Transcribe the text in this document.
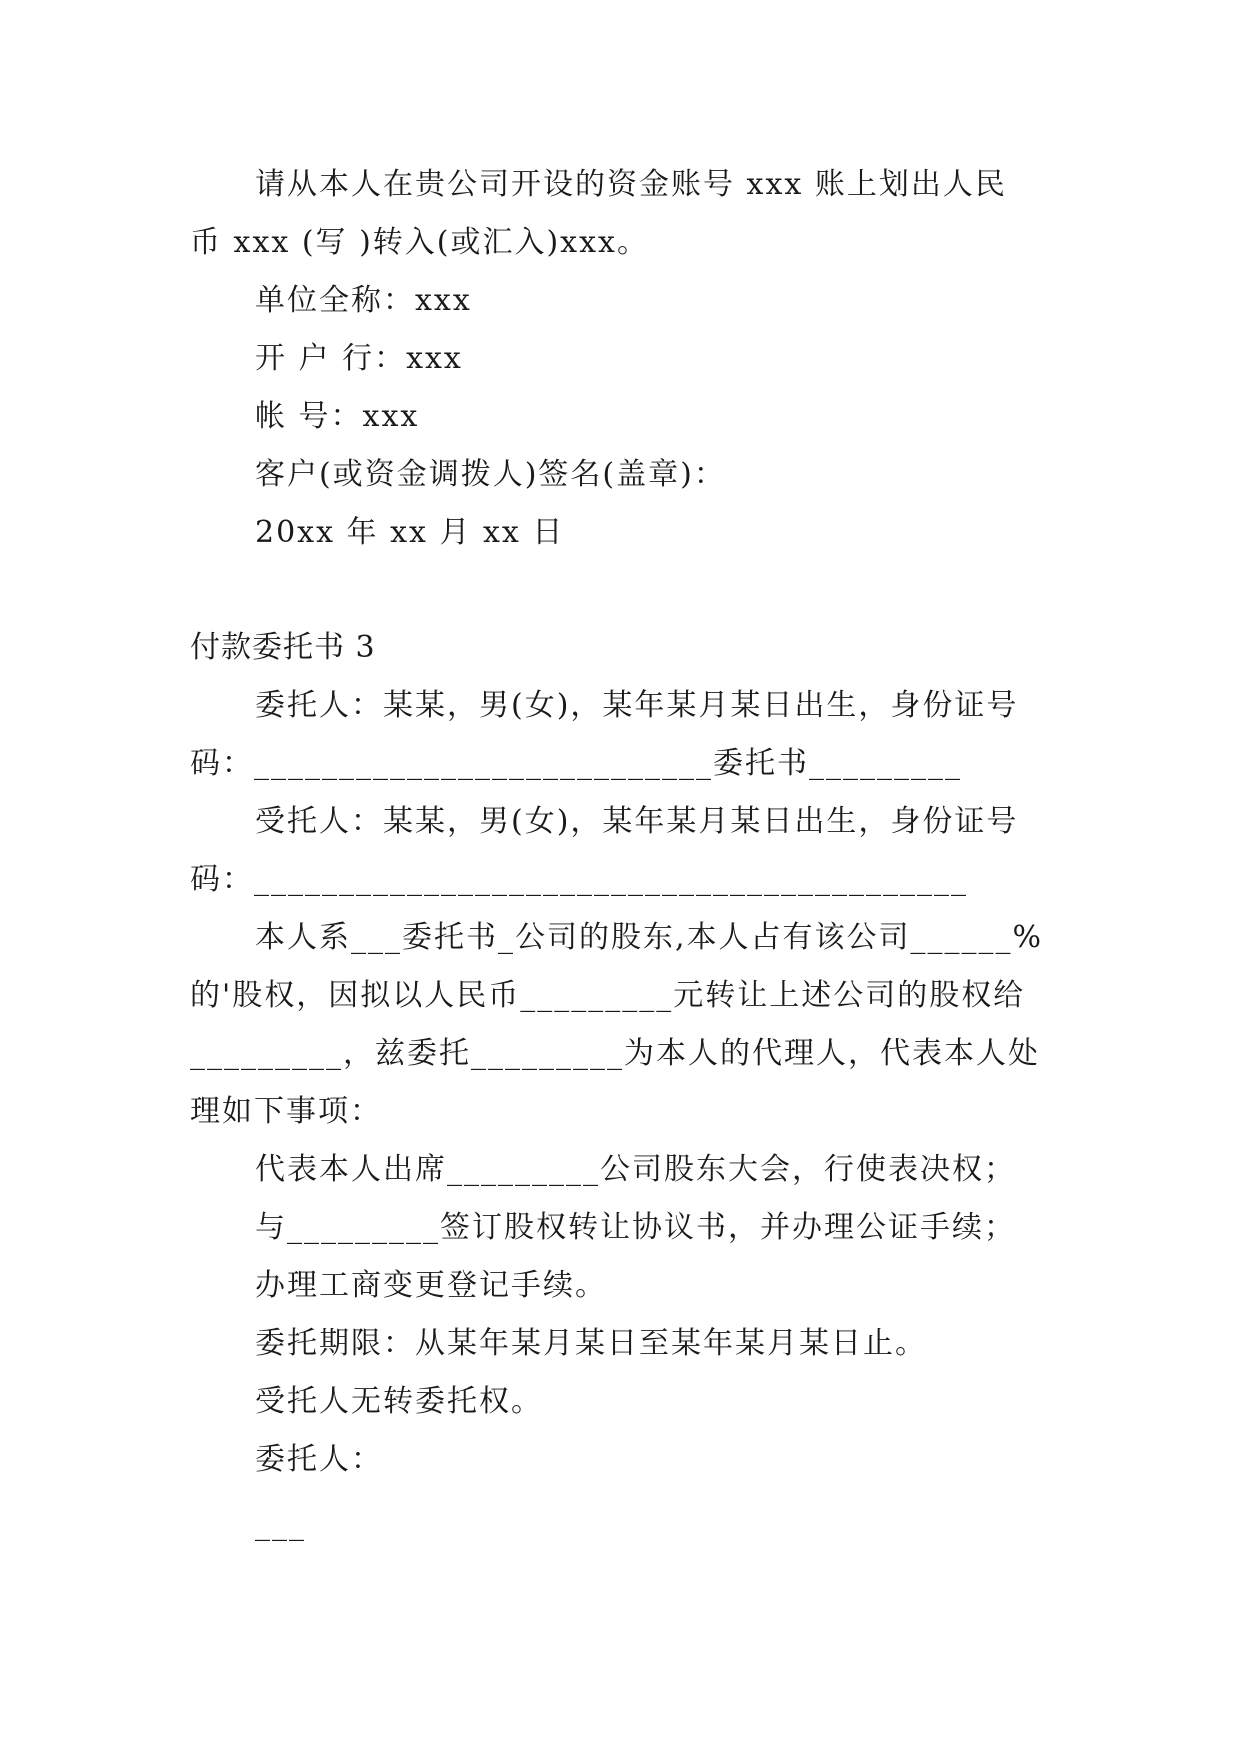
请从本人在贵公司开设的资金账号 xxx 账上划出人民
币 xxx (写 )转入(或汇入)xxx。
单位全称：xxx
开 户 行：xxx
帐 号：xxx
客户(或资金调拨人)签名(盖章)：
20xx 年 xx 月 xx 日
付款委托书 3
委托人：某某，男(女)，某年某月某日出生，身份证号
码：___________________________委托书_________
受托人：某某，男(女)，某年某月某日出生，身份证号
码：__________________________________________
本人系___委托书_公司的股东,本人占有该公司______%
的'股权，因拟以人民币_________元转让上述公司的股权给
_________，兹委托_________为本人的代理人，代表本人处
理如下事项：
代表本人出席_________公司股东大会，行使表决权；
与_________签订股权转让协议书，并办理公证手续；
办理工商变更登记手续。
委托期限：从某年某月某日至某年某月某日止。
受托人无转委托权。
委托人：
___
